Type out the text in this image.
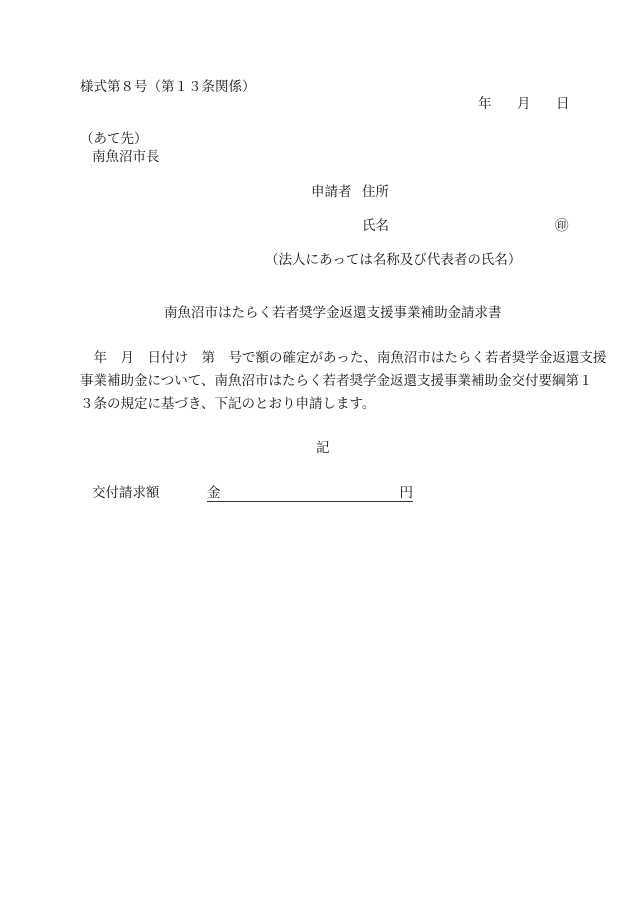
様式第８号（第１３条関係）
年 月 日
（あて先）
南魚沼市長
申請者 住所
氏名	㊞
（法人にあっては名称及び代表者の氏名）
南魚沼市はたらく若者奨学金返還支援事業補助金請求書
　年　月　日付け　第　号で額の確定があった、南魚沼市はたらく若者奨学金返還支援
事業補助金について、南魚沼市はたらく若者奨学金返還支援事業補助金交付要綱第１
３条の規定に基づき、下記のとおり申請します。
記
交付請求額	金	円
